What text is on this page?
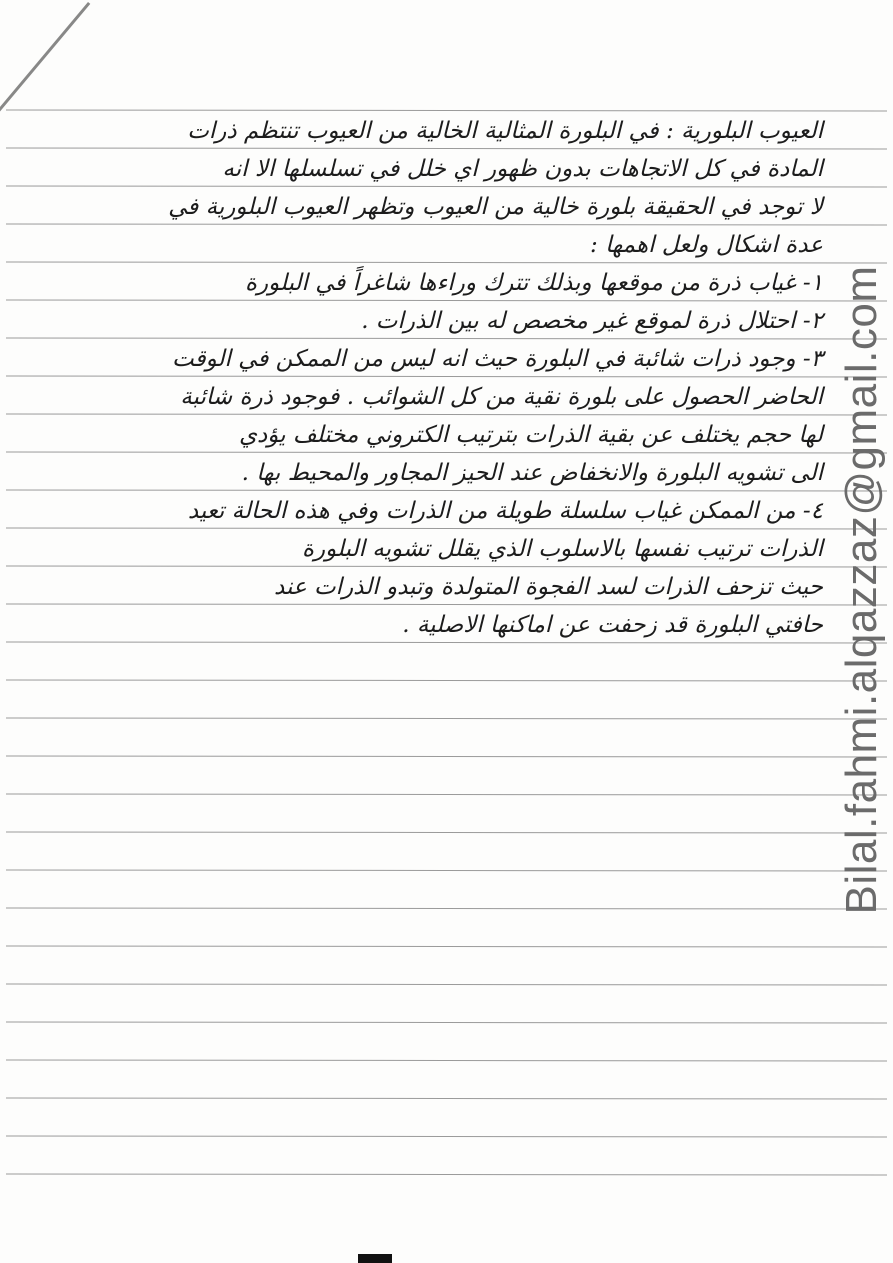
العيوب البلورية : في البلورة المثالية الخالية من العيوب تنتظم ذرات
المادة في كل الاتجاهات بدون ظهور اي خلل في تسلسلها الا انه
لا توجد في الحقيقة بلورة خالية من العيوب وتظهر العيوب البلورية في
عدة اشكال ولعل اهمها :
١- غياب ذرة من موقعها وبذلك تترك وراءها شاغراً في البلورة
٢- احتلال ذرة لموقع غير مخصص له بين الذرات .
٣- وجود ذرات شائبة في البلورة حيث انه ليس من الممكن في الوقت
الحاضر الحصول على بلورة نقية من كل الشوائب . فوجود ذرة شائبة
لها حجم يختلف عن بقية الذرات بترتيب الكتروني مختلف يؤدي
الى تشويه البلورة والانخفاض عند الحيز المجاور والمحيط بها .
٤- من الممكن غياب سلسلة طويلة من الذرات وفي هذه الحالة تعيد
الذرات ترتيب نفسها بالاسلوب الذي يقلل تشويه البلورة
حيث تزحف الذرات لسد الفجوة المتولدة وتبدو الذرات عند
حافتي البلورة قد زحفت عن اماكنها الاصلية . Bilal.fahmi.alqazzaz@gmail.com
